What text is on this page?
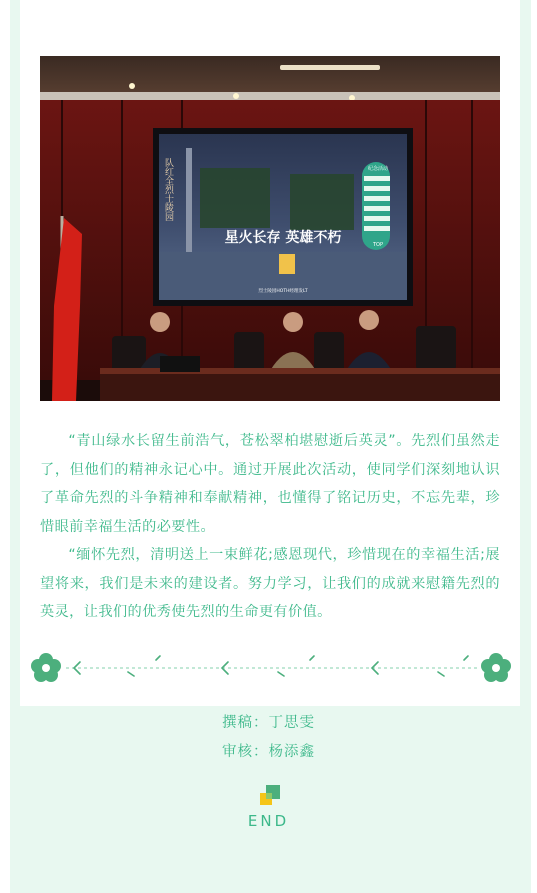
队红全烈士陵园
星火长存 英雄不朽
烈士陵园HOTH经理发LT
纪念活动
TOP

“青山绿水长留生前浩气，苍松翠柏堪慰逝后英灵”。先烈们虽然走了，但他们的精神永记心中。通过开展此次活动，使同学们深刻地认识了革命先烈的斗争精神和奉献精神，也懂得了铭记历史，不忘先辈，珍惜眼前幸福生活的必要性。

“缅怀先烈，清明送上一束鲜花;感恩现代，珍惜现在的幸福生活;展望将来，我们是未来的建设者。努力学习，让我们的成就来慰籍先烈的英灵，让我们的优秀使先烈的生命更有价值。

撰稿：丁思雯
审核：杨添鑫
END
